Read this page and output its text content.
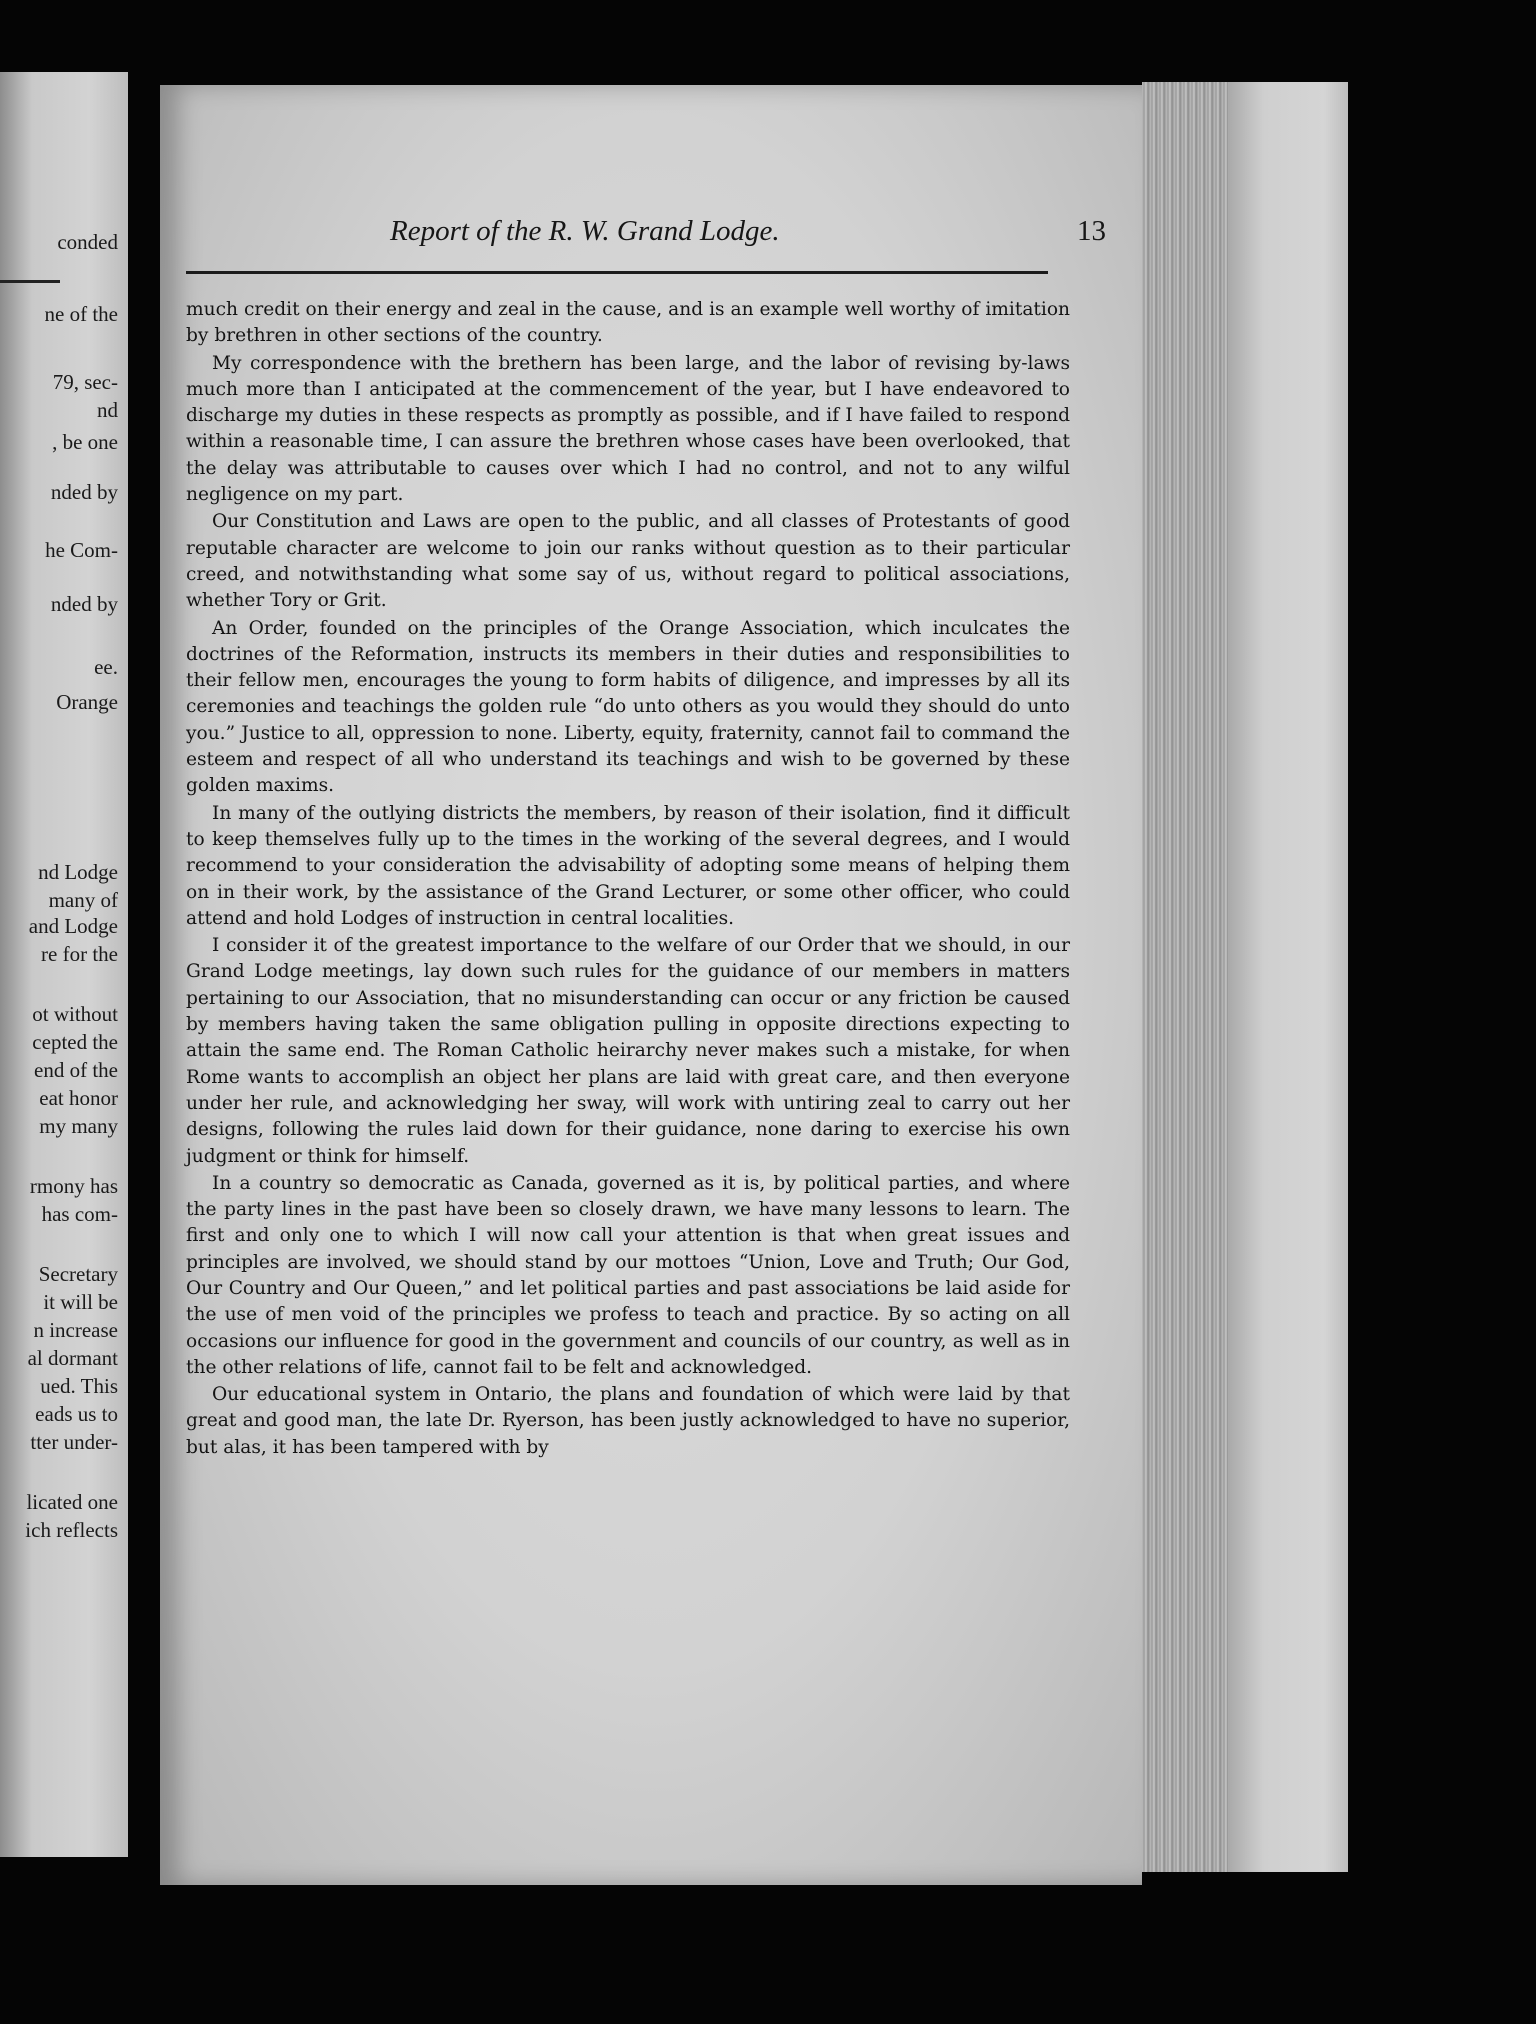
conded
ne of the
79, sec-
nd
, be one
nded by
he Com-
nded by
ee.
Orange
nd Lodge
many of
and Lodge
re for the
ot without
cepted the
end of the
eat honor
my many
rmony has
has com-
Secretary
it will be
n increase
al dormant
ued. This
eads us to
tter under-
licated one
ich reflects
Report of the R. W. Grand Lodge.	13

much credit on their energy and zeal in the cause, and is an example well worthy of imitation by brethren in other sections of the country.

My correspondence with the brethern has been large, and the labor of revising by-laws much more than I anticipated at the commencement of the year, but I have endeavored to discharge my duties in these respects as promptly as possible, and if I have failed to respond within a reasonable time, I can assure the brethren whose cases have been overlooked, that the delay was attributable to causes over which I had no control, and not to any wilful negligence on my part.

Our Constitution and Laws are open to the public, and all classes of Protestants of good reputable character are welcome to join our ranks without question as to their particular creed, and notwithstanding what some say of us, without regard to political associations, whether Tory or Grit.

An Order, founded on the principles of the Orange Association, which inculcates the doctrines of the Reformation, instructs its members in their duties and responsibilities to their fellow men, encourages the young to form habits of diligence, and impresses by all its ceremonies and teachings the golden rule “do unto others as you would they should do unto you.” Justice to all, oppression to none. Liberty, equity, fraternity, cannot fail to command the esteem and respect of all who understand its teachings and wish to be governed by these golden maxims.

In many of the outlying districts the members, by reason of their isolation, find it difficult to keep themselves fully up to the times in the working of the several degrees, and I would recommend to your consideration the advisability of adopting some means of helping them on in their work, by the assistance of the Grand Lecturer, or some other officer, who could attend and hold Lodges of instruction in central localities.

I consider it of the greatest importance to the welfare of our Order that we should, in our Grand Lodge meetings, lay down such rules for the guidance of our members in matters pertaining to our Association, that no misunderstanding can occur or any friction be caused by members having taken the same obligation pulling in opposite directions expecting to attain the same end. The Roman Catholic heirarchy never makes such a mistake, for when Rome wants to accomplish an object her plans are laid with great care, and then everyone under her rule, and acknowledging her sway, will work with untiring zeal to carry out her designs, following the rules laid down for their guidance, none daring to exercise his own judgment or think for himself.

In a country so democratic as Canada, governed as it is, by political parties, and where the party lines in the past have been so closely drawn, we have many lessons to learn. The first and only one to which I will now call your attention is that when great issues and principles are involved, we should stand by our mottoes “Union, Love and Truth; Our God, Our Country and Our Queen,” and let political parties and past associations be laid aside for the use of men void of the principles we profess to teach and practice. By so acting on all occasions our influence for good in the government and councils of our country, as well as in the other relations of life, cannot fail to be felt and acknowledged.

Our educational system in Ontario, the plans and foundation of which were laid by that great and good man, the late Dr. Ryerson, has been justly acknowledged to have no superior, but alas, it has been tampered with by
